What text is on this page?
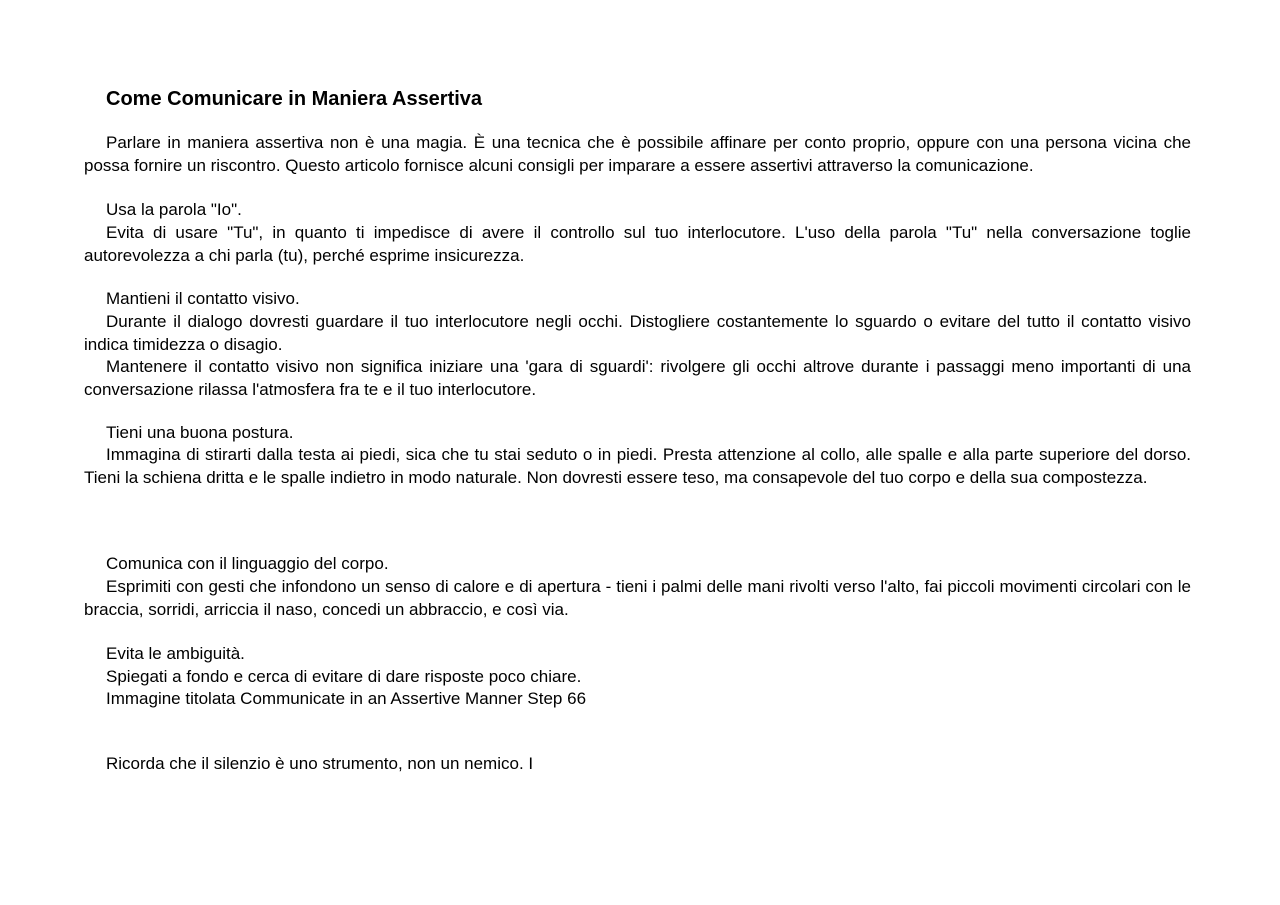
Come Comunicare in Maniera Assertiva

Parlare in maniera assertiva non è una magia. È una tecnica che è possibile affinare per conto proprio, oppure con una persona vicina che possa fornire un riscontro. Questo articolo fornisce alcuni consigli per imparare a essere assertivi attraverso la comunicazione.

Usa la parola "Io".

Evita di usare "Tu", in quanto ti impedisce di avere il controllo sul tuo interlocutore. L'uso della parola "Tu" nella conversazione toglie autorevolezza a chi parla (tu), perché esprime insicurezza.

Mantieni il contatto visivo.

Durante il dialogo dovresti guardare il tuo interlocutore negli occhi. Distogliere costantemente lo sguardo o evitare del tutto il contatto visivo indica timidezza o disagio.

Mantenere il contatto visivo non significa iniziare una 'gara di sguardi': rivolgere gli occhi altrove durante i passaggi meno importanti di una conversazione rilassa l'atmosfera fra te e il tuo interlocutore.

Tieni una buona postura.

Immagina di stirarti dalla testa ai piedi, sica che tu stai seduto o in piedi. Presta attenzione al collo, alle spalle e alla parte superiore del dorso. Tieni la schiena dritta e le spalle indietro in modo naturale. Non dovresti essere teso, ma consapevole del tuo corpo e della sua compostezza.

Comunica con il linguaggio del corpo.

Esprimiti con gesti che infondono un senso di calore e di apertura - tieni i palmi delle mani rivolti verso l'alto, fai piccoli movimenti circolari con le braccia, sorridi, arriccia il naso, concedi un abbraccio, e così via.

Evita le ambiguità.

Spiegati a fondo e cerca di evitare di dare risposte poco chiare.

Immagine titolata Communicate in an Assertive Manner Step 66

Ricorda che il silenzio è uno strumento, non un nemico. I
